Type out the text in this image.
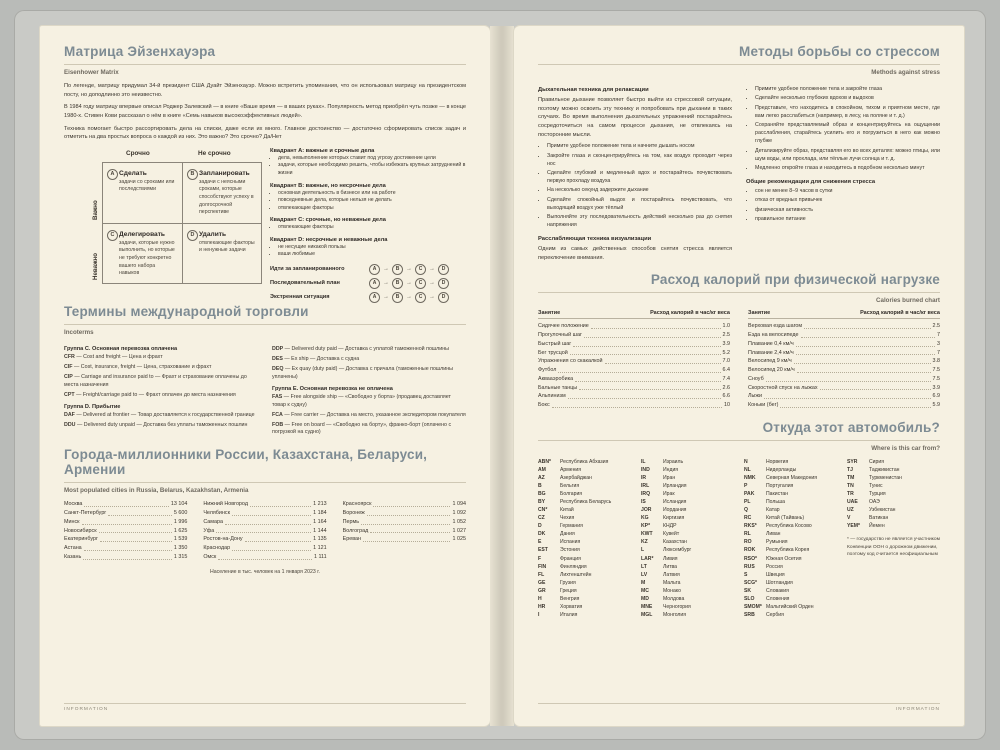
Матрица Эйзенхауэра
Eisenhower Matrix

По легенде, матрицу придумал 34-й президент США Дуайт Эйзенхауэр. Можно встретить упоминания, что он использовал матрицу на президентском посту, но доподлинно это неизвестно.

В 1984 году матрицу впервые описал Роджер Залевский — в книге «Ваше время — в ваших руках». Популярность метод приобрёл чуть позже — в конце 1980-х. Стивен Кови рассказал о нём в книге «Семь навыков высокоэффективных людей».

Техника помогает быстро рассортировать дела на списки, даже если их много. Главное достоинство — достаточно сформировать список задач и отметить на два простых вопроса о каждой из них. Это важно? Это срочно? Да/Нет

Срочно	Не срочно
Важно
Неважно
A Сделать
задачи со сроками или последствиями
B Запланировать
задачи с неясными сроками, которые способствуют успеху в долгосрочной перспективе
C Делегировать
задачи, которые нужно выполнить, но которые не требуют конкретно вашего набора навыков
D Удалить
отвлекающие факторы и ненужные задачи
Квадрант A: важные и срочные дела
• дела, невыполнение которых ставит под угрозу достижение цели
• задачи, которые необходимо решить, чтобы избежать крупных затруднений в жизни
Квадрант B: важные, но несрочные дела
• основная деятельность в бизнесе или на работе
• повседневные дела, которые нельзя не делать
• отвлекающие факторы
Квадрант C: срочные, но неважные дела
• отвлекающие факторы
Квадрант D: несрочные и неважные дела
• не несущие никакой пользы
• ваши любимые
Идти за запланированного	A	→	B	→	C	→	D
Последовательный план	A	→	B	→	C	→	D
Экстренная ситуация	A	→	B	→	C	→	D
Термины международной торговли
Incoterms
Группа C. Основная перевозка оплачена
CFR — Cost and freight — Цена и фрахт
CIF — Cost, insurance, freight — Цена, страхование и фрахт
CIP — Carriage and insurance paid to — Фрахт и страхование оплачены до места назначения
CPT — Freight/carriage paid to — Фрахт оплачен до места назначения
Группа D. Прибытие
DAF — Delivered at frontier — Товар доставляется к государственной границе
DDU — Delivered duty unpaid — Доставка без уплаты таможенных пошлин
DDP — Delivered duty paid — Доставка с уплатой таможенной пошлины
DES — Ex ship — Доставка с судна
DEQ — Ex quay (duty paid) — Доставка с причала (таможенные пошлины уплачены)
Группа E. Основная перевозка не оплачена
FAS — Free alongside ship — «Свободно у борта» (продавец доставляет товар к судну)
FCA — Free carrier — Доставка на место, указанное экспедитором покупателя
FOB — Free on board — «Свободно на борту», франко-борт (оплачено с погрузкой на судно)
Города-миллионники России, Казахстана, Беларуси, Армении
Most populated cities in Russia, Belarus, Kazakhstan, Armenia
Москва	13 104
Санкт-Петербург	5 600
Минск	1 996
Новосибирск	1 625
Екатеринбург	1 539
Астана	1 350
Казань	1 315
Нижний Новгород	1 213
Челябинск	1 184
Самара	1 164
Уфа	1 144
Ростов-на-Дону	1 135
Краснодар	1 121
Омск	1 111
Красноярск	1 094
Воронеж	1 092
Пермь	1 052
Волгоград	1 027
Ереван	1 025
Население в тыс. человек на 1 января 2023 г.
INFORMATION
Методы борьбы со стрессом
Methods against stress
Дыхательная техника для релаксации

Правильное дыхание позволяет быстро выйти из стрессовой ситуации, поэтому можно освоить эту технику и попробовать при дыхании в таких случаях. Во время выполнения дыхательных упражнений постарайтесь сосредоточиться на самом процессе дыхания, не отвлекаясь на посторонние мысли.

• Примите удобное положение тела и начните дышать носом
• Закройте глаза и сконцентрируйтесь на том, как воздух проходит через нос
• Сделайте глубокий и медленный вдох и постарайтесь почувствовать первую прохладу воздуха
• На несколько секунд задержите дыхание
• Сделайте спокойный выдох и постарайтесь почувствовать, что выходящий воздух уже тёплый
• Выполняйте эту последовательность действий несколько раз до снятия напряжения
Расслабляющая техника визуализации

Одним из самых действенных способов снятия стресса является переключение внимания.

• Примите удобное положение тела и закройте глаза
• Сделайте несколько глубоких вдохов и выдохов
• Представьте, что находитесь в спокойном, тихом и приятном месте, где вам легко расслабиться (например, в лесу, на поляне и т. д.)
• Сохраняйте представляемый образ и концентрируйтесь на ощущении расслабления, старайтесь усилить его и погрузиться в него как можно глубже
• Детализируйте образ, представляя его во всех деталях: можно птицы, или шум воды, или прохлада, или тёплые лучи солнца и т. д.
• Медленно откройте глаза и находитесь в подобном несколько минут
Общие рекомендации для снижения стресса
• сон не менее 8–9 часов в сутки
• отказ от вредных привычек
• физическая активность
• правильное питание
Расход калорий при физической нагрузке
Calories burned chart
Занятие	Расход калорий в час/кг веса
Сидячее положение	1.0
Прогулочный шаг	2.5
Быстрый шаг	3.9
Бег трусцой	5.2
Упражнения со скакалкой	7.0
Футбол	6.4
Аквааэробика	7.4
Бальные танцы	2.6
Альпинизм	6.6
Бокс	10
Занятие	Расход калорий в час/кг веса
Верховая езда шагом	2.5
Езда на велосипеде	7
Плавание 0,4 км/ч	3
Плавание 2,4 км/ч	7
Велосипед 9 км/ч	3.8
Велосипед 20 км/ч	7.5
Сноуб	7.5
Скоростной спуск на лыжах	3.9
Лыжи	6.9
Коньки (бег)	5.9
Откуда этот автомобиль?
Where is this car from?
ABN*	Республика Абхазия
AM	Армения
AZ	Азербайджан
B	Бельгия
BG	Болгария
BY	Республика Беларусь
CN*	Китай
CZ	Чехия
D	Германия
DK	Дания
E	Испания
EST	Эстония
F	Франция
FIN	Финляндия
FL	Лихтенштейн
GE	Грузия
GR	Греция
H	Венгрия
HR	Хорватия
I	Италия
IL	Израиль
IND	Индия
IR	Иран
IRL	Ирландия
IRQ	Ирак
IS	Исландия
JOR	Иордания
KG	Киргизия
KP*	КНДР
KWT	Кувейт
KZ	Казахстан
L	Люксембург
LAR*	Ливия
LT	Литва
LV	Латвия
M	Мальта
MC	Монако
MD	Молдова
MNE	Черногория
MGL	Монголия
N	Норвегия
NL	Нидерланды
NMK	Северная Македония
P	Португалия
PAK	Пакистан
PL	Польша
Q	Катар
RC	Китай (Тайвань)
RKS*	Республика Косово
RL	Ливан
RO	Румыния
ROK	Республика Корея
RSO*	Южная Осетия
RUS	Россия
S	Швеция
SCG*	Шотландия
SK	Словакия
SLO	Словения
SMOM* Мальтийский Орден
SRB	Сербия
SYR	Сирия
TJ	Таджикистан
TM	Туркменистан
TN	Тунис
TR	Турция
UAE	ОАЭ
UZ	Узбекистан
V	Ватикан
YEM*	Йемен
* — государство не является участником Конвенции ООН о дорожном движении, поэтому код считается неофициальным
INFORMATION
